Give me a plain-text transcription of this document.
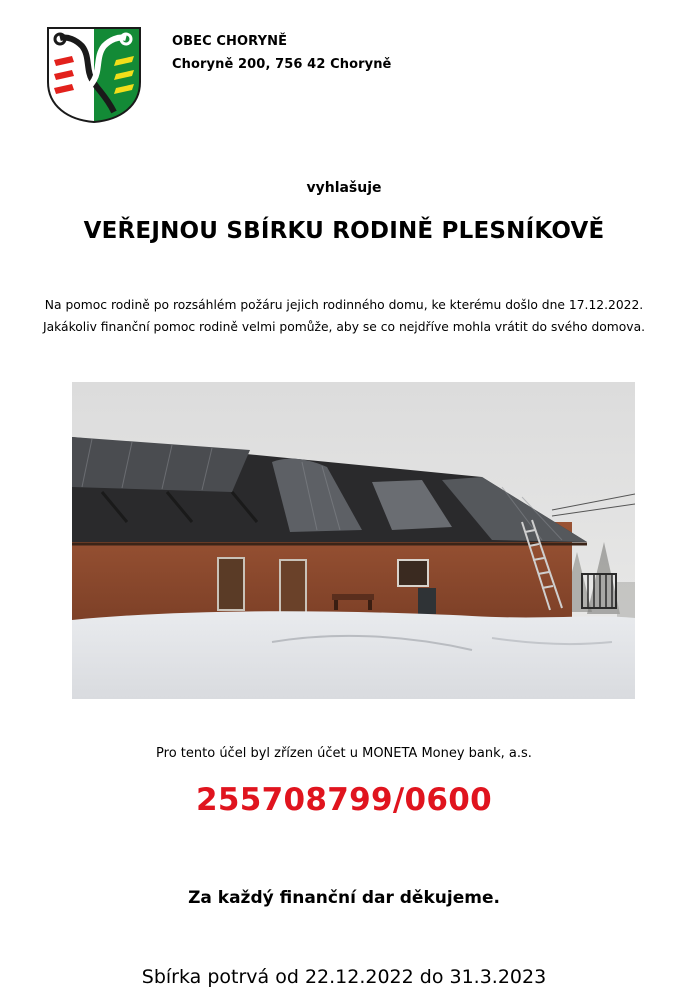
OBEC CHORYNĚ
Choryně 200, 756 42 Choryně
vyhlašuje
VEŘEJNOU SBÍRKU RODINĚ PLESNÍKOVĚ
Na pomoc rodině po rozsáhlém požáru jejich rodinného domu, ke kterému došlo dne 17.12.2022.
Jakákoliv finanční pomoc rodině velmi pomůže, aby se co nejdříve mohla vrátit do svého domova.
Pro tento účel byl zřízen účet u MONETA Money bank, a.s.
255708799/0600
Za každý finanční dar děkujeme.
Sbírka potrvá od 22.12.2022 do 31.3.2023
